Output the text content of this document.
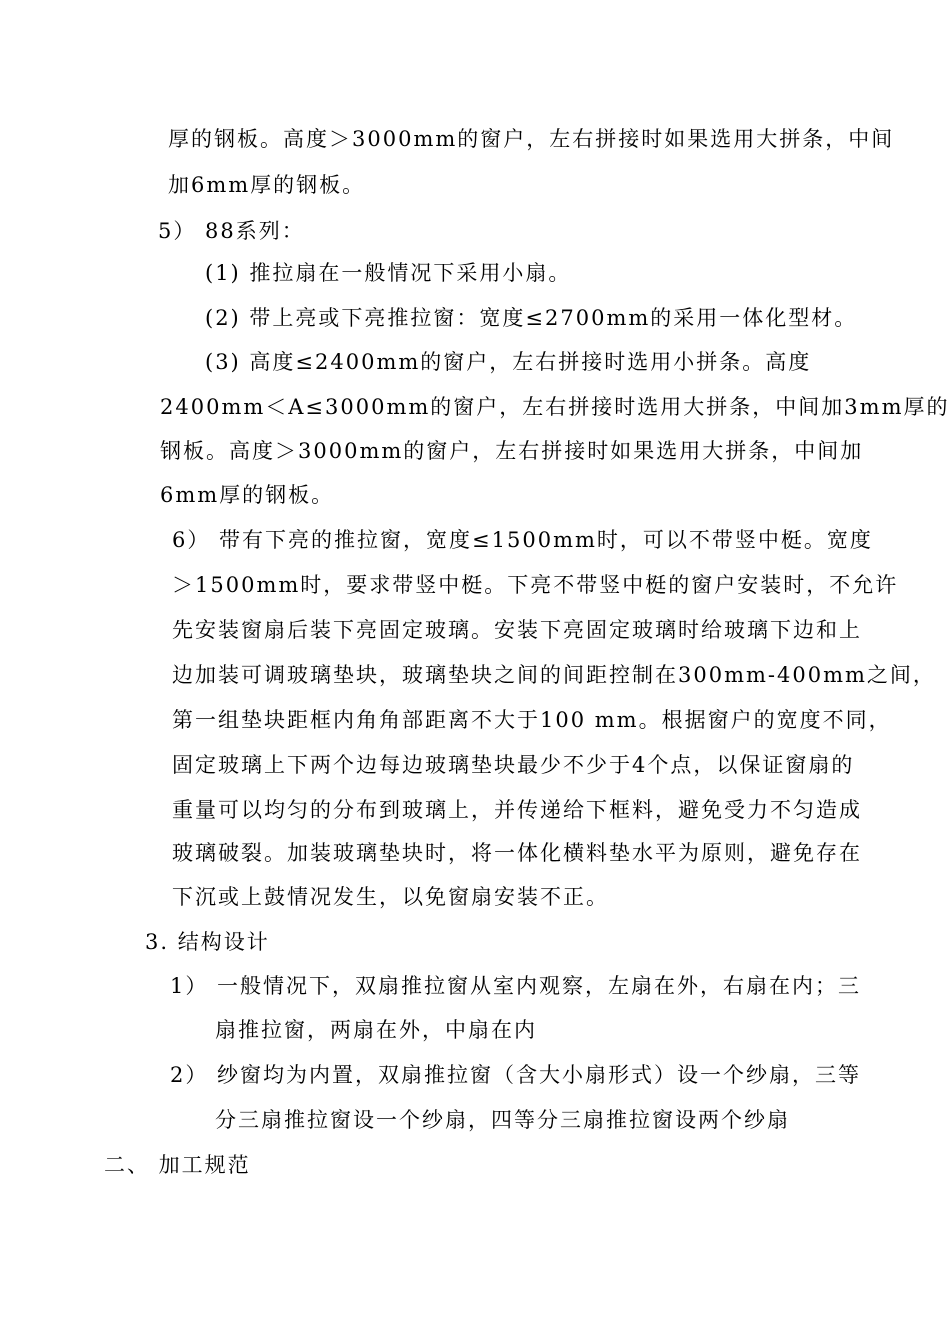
厚的钢板。高度＞3000mm的窗户，左右拼接时如果选用大拼条，中间
加6mm厚的钢板。
5） 88系列：
(1) 推拉扇在一般情况下采用小扇。
(2) 带上亮或下亮推拉窗：宽度≤2700mm的采用一体化型材。
(3) 高度≤2400mm的窗户，左右拼接时选用小拼条。高度
2400mm＜A≤3000mm的窗户，左右拼接时选用大拼条，中间加3mm厚的
钢板。高度＞3000mm的窗户，左右拼接时如果选用大拼条，中间加
6mm厚的钢板。
6） 带有下亮的推拉窗，宽度≤1500mm时，可以不带竖中梃。宽度
＞1500mm时，要求带竖中梃。下亮不带竖中梃的窗户安装时，不允许
先安装窗扇后装下亮固定玻璃。安装下亮固定玻璃时给玻璃下边和上
边加装可调玻璃垫块，玻璃垫块之间的间距控制在300mm-400mm之间，
第一组垫块距框内角角部距离不大于100 mm。根据窗户的宽度不同，
固定玻璃上下两个边每边玻璃垫块最少不少于4个点，以保证窗扇的
重量可以均匀的分布到玻璃上，并传递给下框料，避免受力不匀造成
玻璃破裂。加装玻璃垫块时，将一体化横料垫水平为原则，避免存在
下沉或上鼓情况发生，以免窗扇安装不正。
3. 结构设计
1） 一般情况下，双扇推拉窗从室内观察，左扇在外，右扇在内；三
扇推拉窗，两扇在外，中扇在内
2） 纱窗均为内置，双扇推拉窗（含大小扇形式）设一个纱扇，三等
分三扇推拉窗设一个纱扇，四等分三扇推拉窗设两个纱扇
二、 加工规范
